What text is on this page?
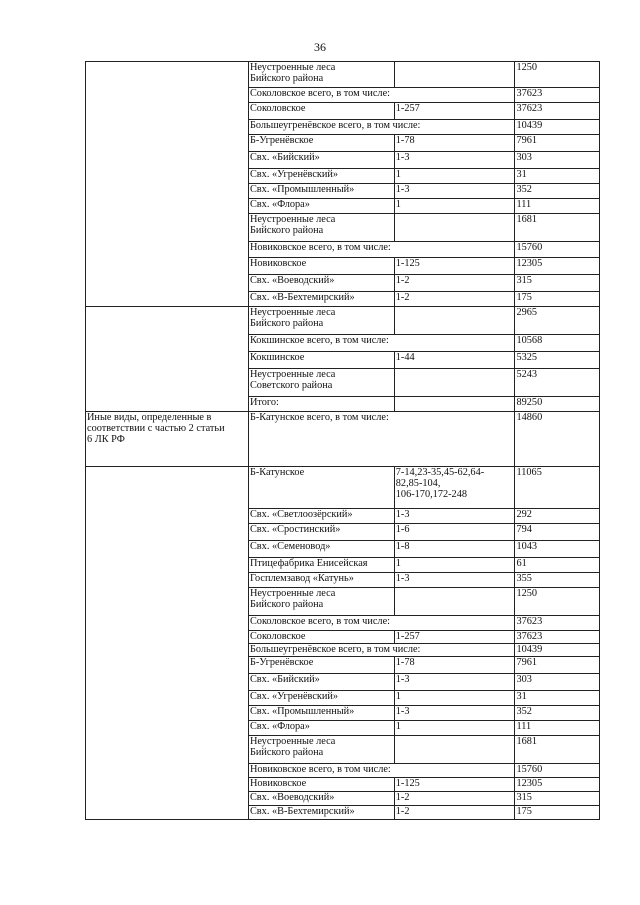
36
	Неустроенные леса
Бийского района		1250
	Соколовское всего, в том числе:		37623
	Соколовское	1-257	37623
	Большеугренёвское всего, в том числе:		10439
	Б-Угренёвское	1-78	7961
	Свх. «Бийский»	1-3	303
	Свх. «Угренёвский»	1	31
	Свх. «Промышленный»	1-3	352
	Свх. «Флора»	1	111
	Неустроенные леса
Бийского района		1681
	Новиковское всего, в том числе:		15760
	Новиковское	1-125	12305
	Свх. «Воеводский»	1-2	315
	Свх. «В-Бехтемирский»	1-2	175
	Неустроенные леса
Бийского района		2965
	Кокшинское всего, в том числе:		10568
	Кокшинское	1-44	5325
	Неустроенные леса
Советского района		5243
	Итого:		89250
Иные виды, определенные в
соответствии с частью 2 статьи
6 ЛК РФ	Б-Катунское всего, в том числе:		14860
	Б-Катунское	7-14,23-35,45-62,64-
82,85-104,
106-170,172-248	11065
	Свх. «Светлоозёрский»	1-3	292
	Свх. «Сростинский»	1-6	794
	Свх. «Семеновод»	1-8	1043
	Птицефабрика Енисейская	1	61
	Госплемзавод «Катунь»	1-3	355
	Неустроенные леса
Бийского района		1250
	Соколовское всего, в том числе:		37623
	Соколовское	1-257	37623
	Большеугренёвское всего, в том числе:		10439
	Б-Угренёвское	1-78	7961
	Свх. «Бийский»	1-3	303
	Свх. «Угренёвский»	1	31
	Свх. «Промышленный»	1-3	352
	Свх. «Флора»	1	111
	Неустроенные леса
Бийского района		1681
	Новиковское всего, в том числе:		15760
	Новиковское	1-125	12305
	Свх. «Воеводский»	1-2	315
	Свх. «В-Бехтемирский»	1-2	175
